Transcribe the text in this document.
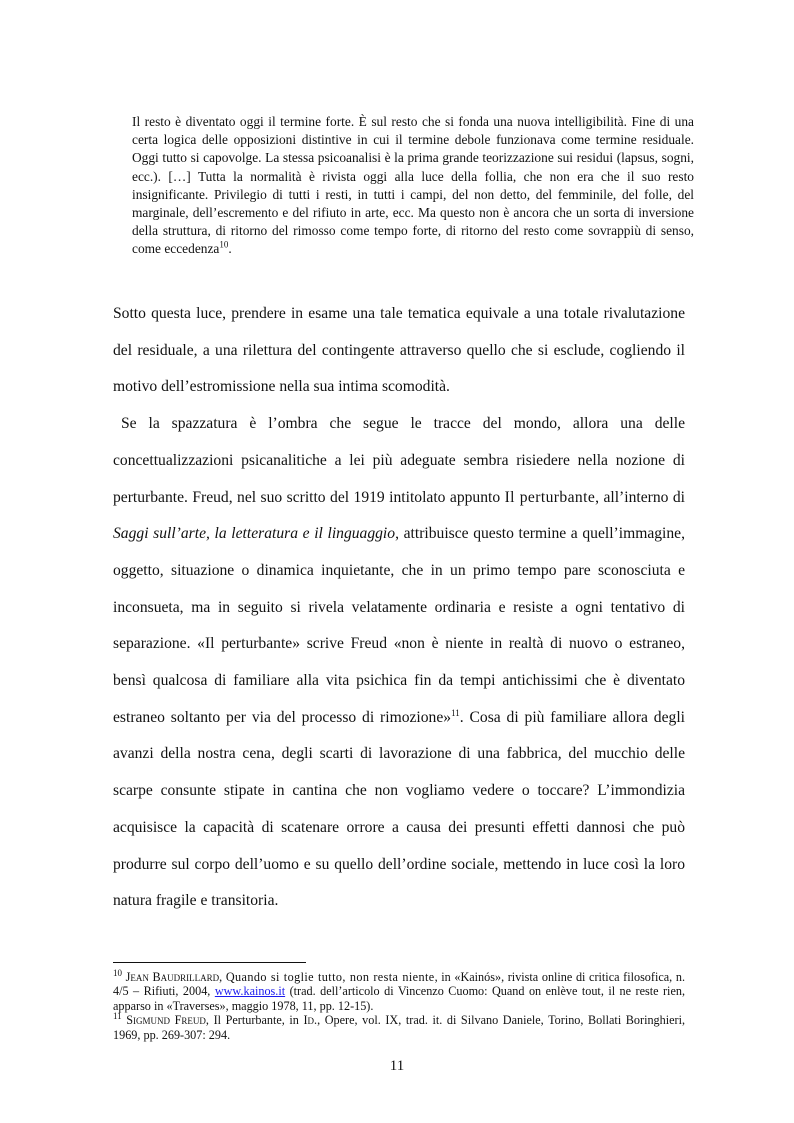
Il resto è diventato oggi il termine forte. È sul resto che si fonda una nuova intelligibilità. Fine di una certa logica delle opposizioni distintive in cui il termine debole funzionava come termine residuale. Oggi tutto si capovolge. La stessa psicoanalisi è la prima grande teorizzazione sui residui (lapsus, sogni, ecc.). […] Tutta la normalità è rivista oggi alla luce della follia, che non era che il suo resto insignificante. Privilegio di tutti i resti, in tutti i campi, del non detto, del femminile, del folle, del marginale, dell’escremento e del rifiuto in arte, ecc. Ma questo non è ancora che un sorta di inversione della struttura, di ritorno del rimosso come tempo forte, di ritorno del resto come sovrappiù di senso, come eccedenza$^{10}$.

Sotto questa luce, prendere in esame una tale tematica equivale a una totale rivalutazione del residuale, a una rilettura del contingente attraverso quello che si esclude, cogliendo il motivo dell’estromissione nella sua intima scomodità.

Se la spazzatura è l’ombra che segue le tracce del mondo, allora una delle concettualizzazioni psicanalitiche a lei più adeguate sembra risiedere nella nozione di perturbante. Freud, nel suo scritto del 1919 intitolato appunto Il perturbante, all’interno di Saggi sull’arte, la letteratura e il linguaggio, attribuisce questo termine a quell’immagine, oggetto, situazione o dinamica inquietante, che in un primo tempo pare sconosciuta e inconsueta, ma in seguito si rivela velatamente ordinaria e resiste a ogni tentativo di separazione. «Il perturbante» scrive Freud «non è niente in realtà di nuovo o estraneo, bensì qualcosa di familiare alla vita psichica fin da tempi antichissimi che è diventato estraneo soltanto per via del processo di rimozione»$^{11}$. Cosa di più familiare allora degli avanzi della nostra cena, degli scarti di lavorazione di una fabbrica, del mucchio delle scarpe consunte stipate in cantina che non vogliamo vedere o toccare? L’immondizia acquisisce la capacità di scatenare orrore a causa dei presunti effetti dannosi che può produrre sul corpo dell’uomo e su quello dell’ordine sociale, mettendo in luce così la loro natura fragile e transitoria.

$^{10}$ Jean Baudrillard, Quando si toglie tutto, non resta niente, in «Kainós», rivista online di critica filosofica, n. 4/5 – Rifiuti, 2004, www.kainos.it (trad. dell’articolo di Vincenzo Cuomo: Quand on enlève tout, il ne reste rien, apparso in «Traverses», maggio 1978, 11, pp. 12-15).

$^{11}$ Sigmund Freud, Il Perturbante, in Id., Opere, vol. IX, trad. it. di Silvano Daniele, Torino, Bollati Boringhieri, 1969, pp. 269-307: 294.

11
